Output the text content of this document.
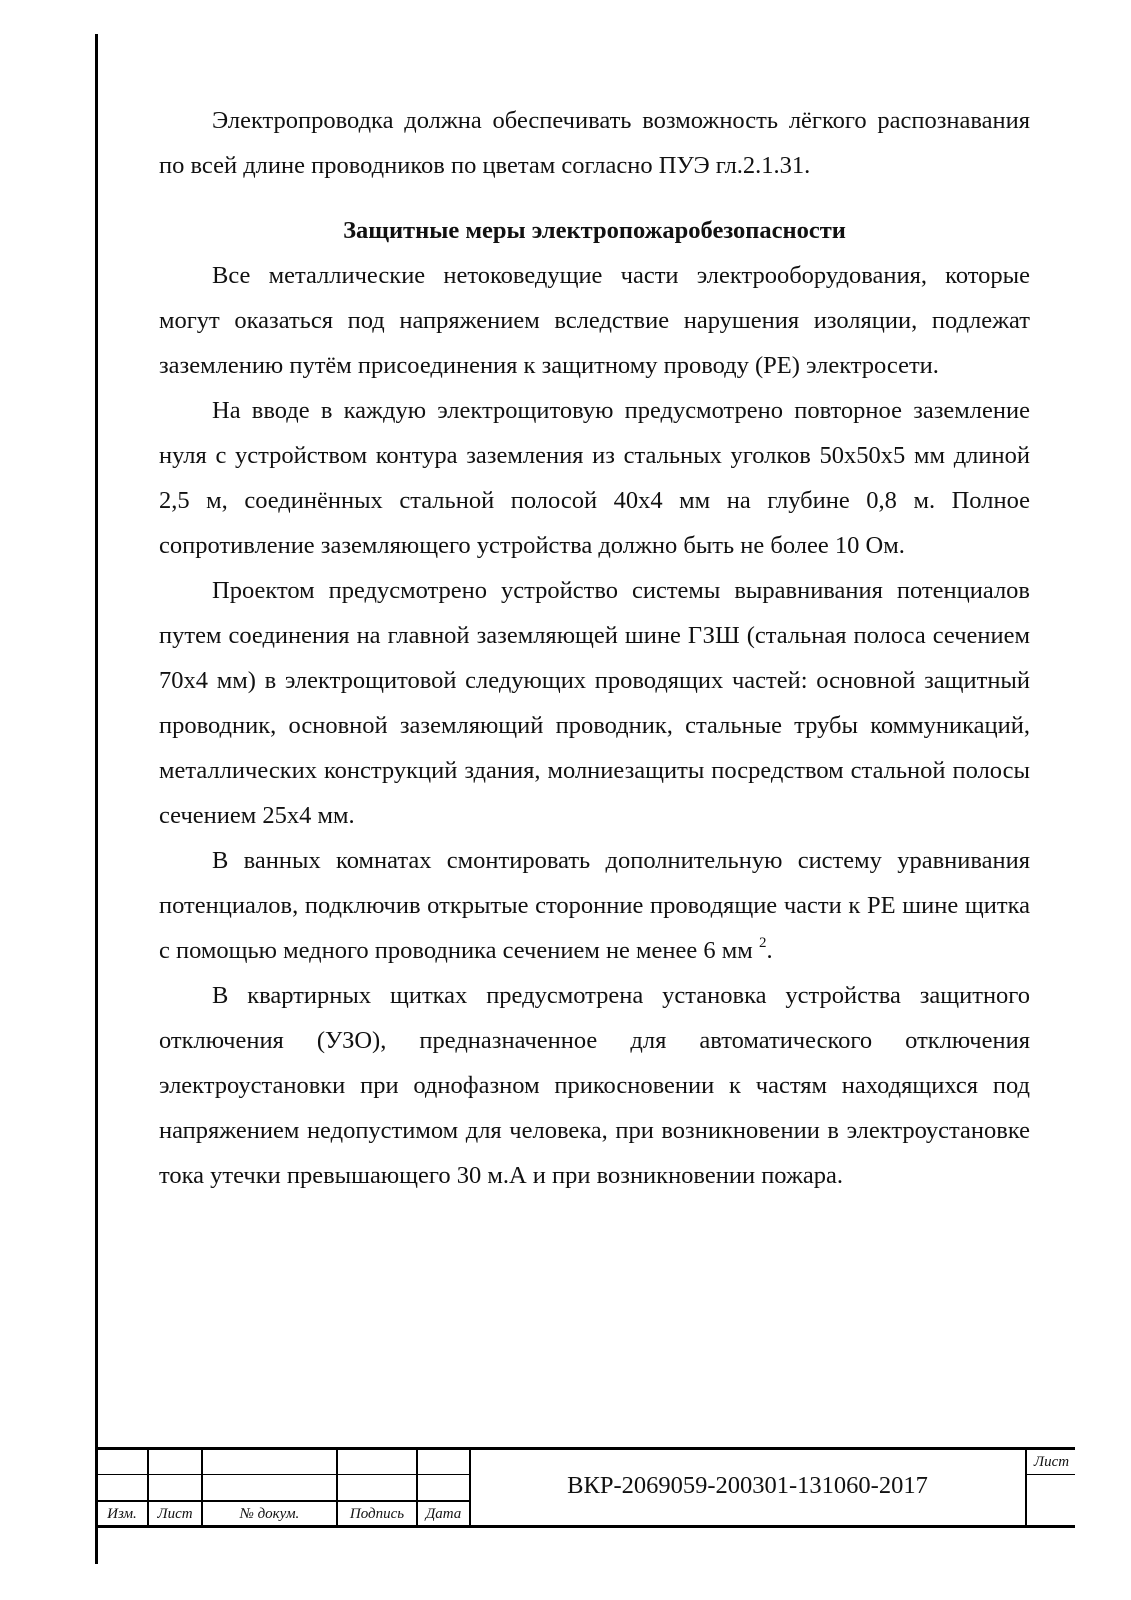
Электропроводка должна обеспечивать возможность лёгкого распознавания по всей длине проводников по цветам согласно ПУЭ гл.2.1.31.

Защитные меры электропожаробезопасности

Все металлические нетоковедущие части электрооборудования, которые могут оказаться под напряжением вследствие нарушения изоляции, подлежат заземлению путём присоединения к защитному проводу (РЕ) электросети.

На вводе в каждую электрощитовую предусмотрено повторное заземление нуля с устройством контура заземления из стальных уголков 50х50х5 мм длиной 2,5 м, соединённых стальной полосой 40х4 мм на глубине 0,8 м. Полное сопротивление заземляющего устройства должно быть не более 10 Ом.

Проектом предусмотрено устройство системы выравнивания потенциалов путем соединения на главной заземляющей шине ГЗШ (стальная полоса сечением 70х4 мм) в электрощитовой следующих проводящих частей: основной защитный проводник, основной заземляющий проводник, стальные трубы коммуникаций, металлических конструкций здания, молниезащиты посредством стальной полосы сечением 25х4 мм.

В ванных комнатах смонтировать дополнительную систему уравнивания потенциалов, подключив открытые сторонние проводящие части к РЕ шине щитка с помощью медного проводника сечением не менее 6 мм $^2$.

В квартирных щитках предусмотрена установка устройства защитного отключения (УЗО), предназначенное для автоматического отключения электроустановки при однофазном прикосновении к частям находящихся под напряжением недопустимом для человека, при возникновении в электроустановке тока утечки превышающего 30 м.А и при возникновении пожара.

Изм.	Лист	№ докум.	Подпись	Дата
ВКР-2069059-200301-131060-2017
Лист
